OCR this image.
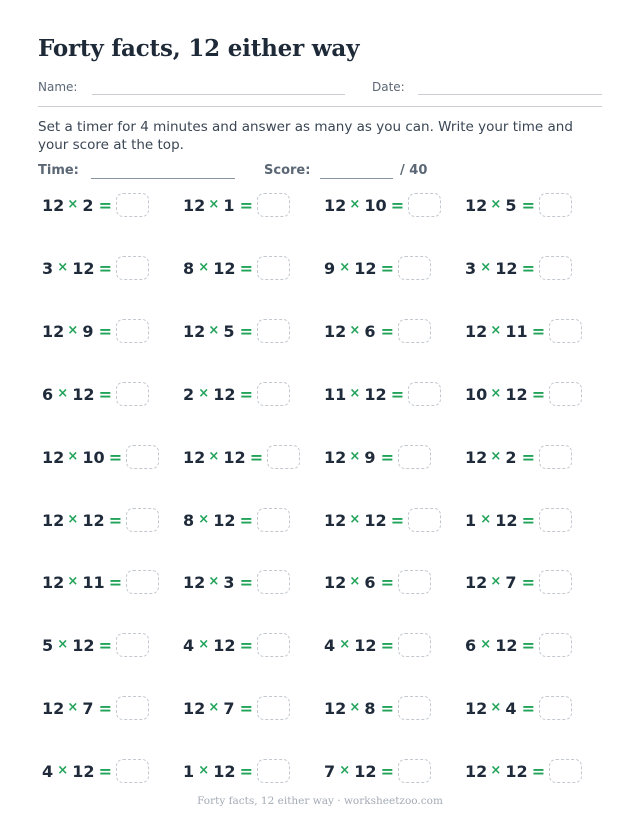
Forty facts, 12 either way
Name:	Date:
Set a timer for 4 minutes and answer as many as you can. Write your time and your score at the top.
Time:	Score:	/ 40
12 × 2 =	12 × 1 =	12 × 10 =	12 × 5 =
3 × 12 =	8 × 12 =	9 × 12 =	3 × 12 =
12 × 9 =	12 × 5 =	12 × 6 =	12 × 11 =
6 × 12 =	2 × 12 =	11 × 12 =	10 × 12 =
12 × 10 =	12 × 12 =	12 × 9 =	12 × 2 =
12 × 12 =	8 × 12 =	12 × 12 =	1 × 12 =
12 × 11 =	12 × 3 =	12 × 6 =	12 × 7 =
5 × 12 =	4 × 12 =	4 × 12 =	6 × 12 =
12 × 7 =	12 × 7 =	12 × 8 =	12 × 4 =
4 × 12 =	1 × 12 =	7 × 12 =	12 × 12 =
Forty facts, 12 either way · worksheetzoo.com
